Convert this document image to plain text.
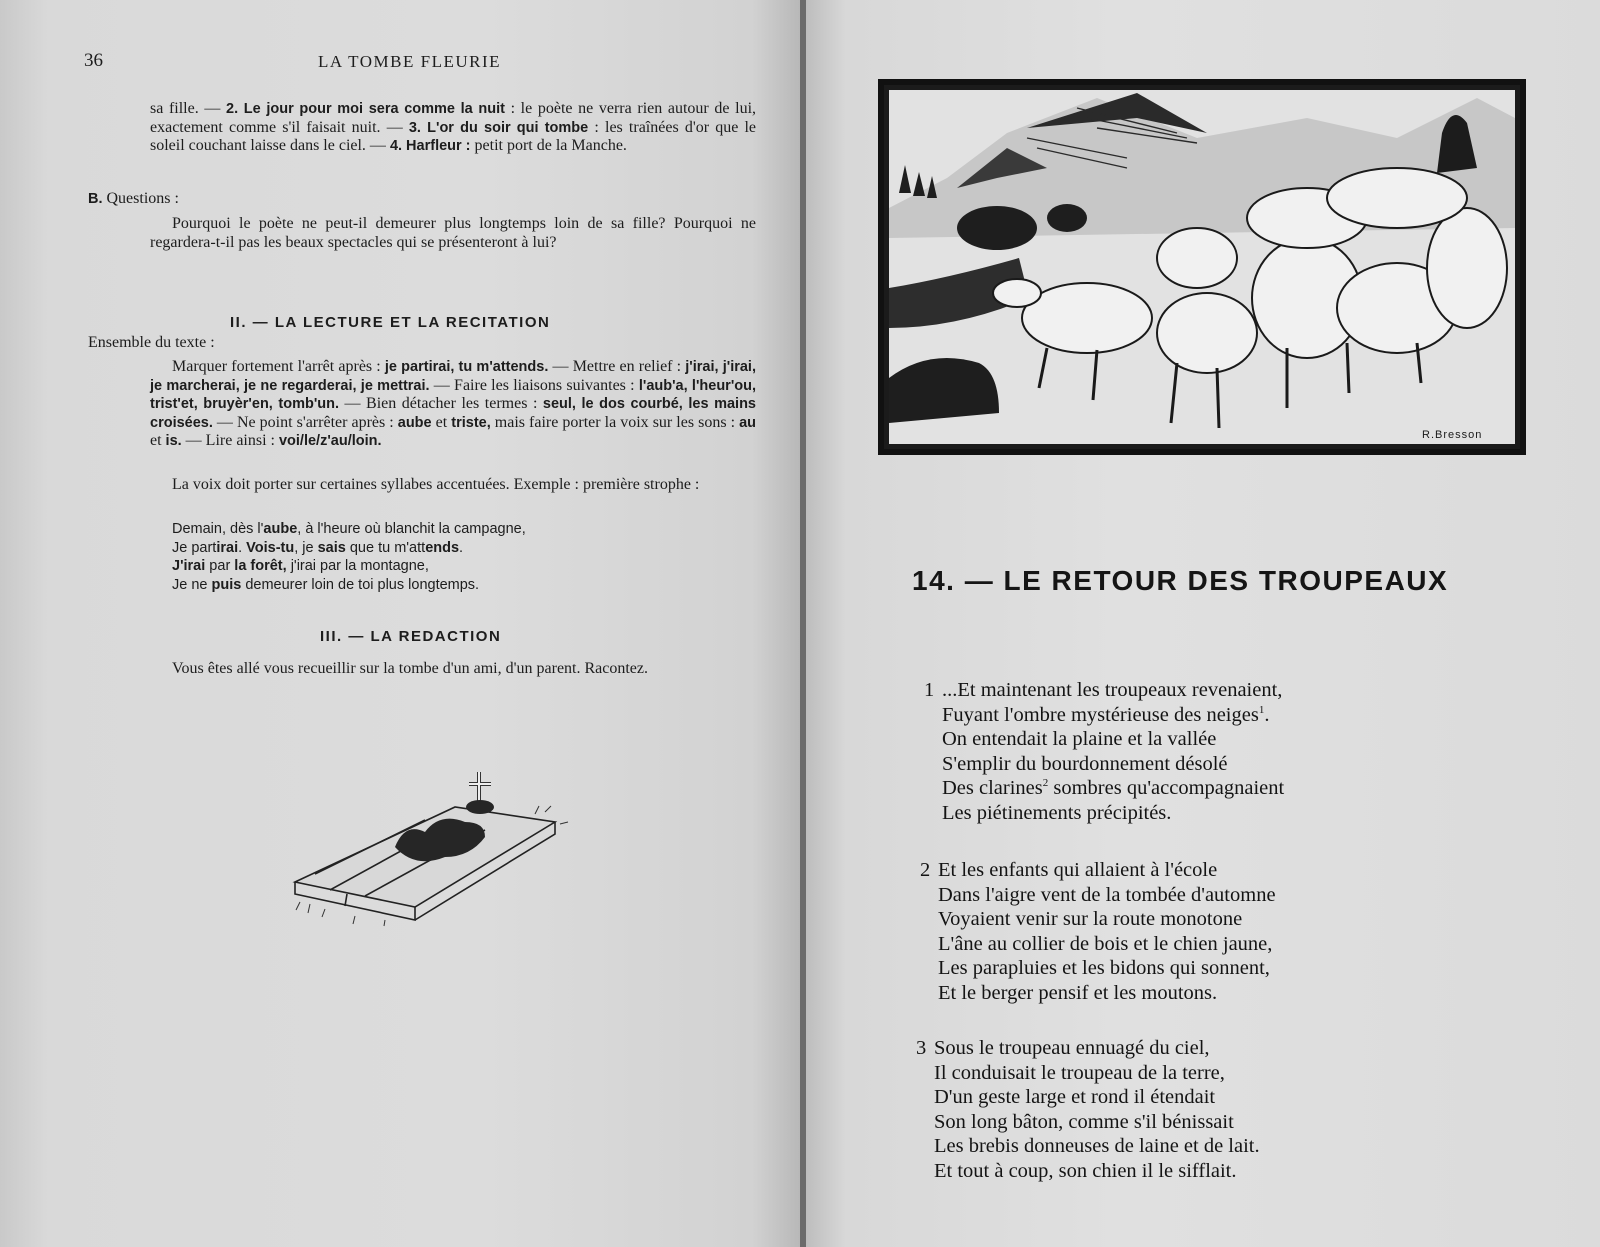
36	LA TOMBE FLEURIE

sa fille. — 2. Le jour pour moi sera comme la nuit : le poète ne verra rien autour de lui, exactement comme s'il faisait nuit. — 3. L'or du soir qui tombe : les traînées d'or que le soleil couchant laisse dans le ciel. — 4. Harfleur : petit port de la Manche.

B. Questions :

Pourquoi le poète ne peut-il demeurer plus longtemps loin de sa fille? Pourquoi ne regardera-t-il pas les beaux spectacles qui se présenteront à lui?

II. — LA LECTURE ET LA RECITATION

Ensemble du texte :

Marquer fortement l'arrêt après : je partirai, tu m'attends. — Mettre en relief : j'irai, j'irai, je marcherai, je ne regarderai, je mettrai. — Faire les liaisons suivantes : l'aub'a, l'heur'ou, trist'et, bruyèr'en, tomb'un. — Bien détacher les termes : seul, le dos courbé, les mains croisées. — Ne point s'arrêter après : aube et triste, mais faire porter la voix sur les sons : au et is. — Lire ainsi : voi/le/z'au/loin.

La voix doit porter sur certaines syllabes accentuées. Exemple : première strophe :

Demain, dès l'aube, à l'heure où blanchit la campagne,
Je partirai. Vois-tu, je sais que tu m'attends.
J'irai par la forêt, j'irai par la montagne,
Je ne puis demeurer loin de toi plus longtemps.
III. — LA REDACTION

Vous êtes allé vous recueillir sur la tombe d'un ami, d'un parent. Racontez.

R.Bresson
14. — LE RETOUR DES TROUPEAUX
1 ...Et maintenant les troupeaux revenaient,
Fuyant l'ombre mystérieuse des neiges$^1$.
On entendait la plaine et la vallée
S'emplir du bourdonnement désolé
Des clarines$^2$ sombres qu'accompagnaient
Les piétinements précipités.
2 Et les enfants qui allaient à l'école
Dans l'aigre vent de la tombée d'automne
Voyaient venir sur la route monotone
L'âne au collier de bois et le chien jaune,
Les parapluies et les bidons qui sonnent,
Et le berger pensif et les moutons.
3 Sous le troupeau ennuagé du ciel,
Il conduisait le troupeau de la terre,
D'un geste large et rond il étendait
Son long bâton, comme s'il bénissait
Les brebis donneuses de laine et de lait.
Et tout à coup, son chien il le sifflait.
